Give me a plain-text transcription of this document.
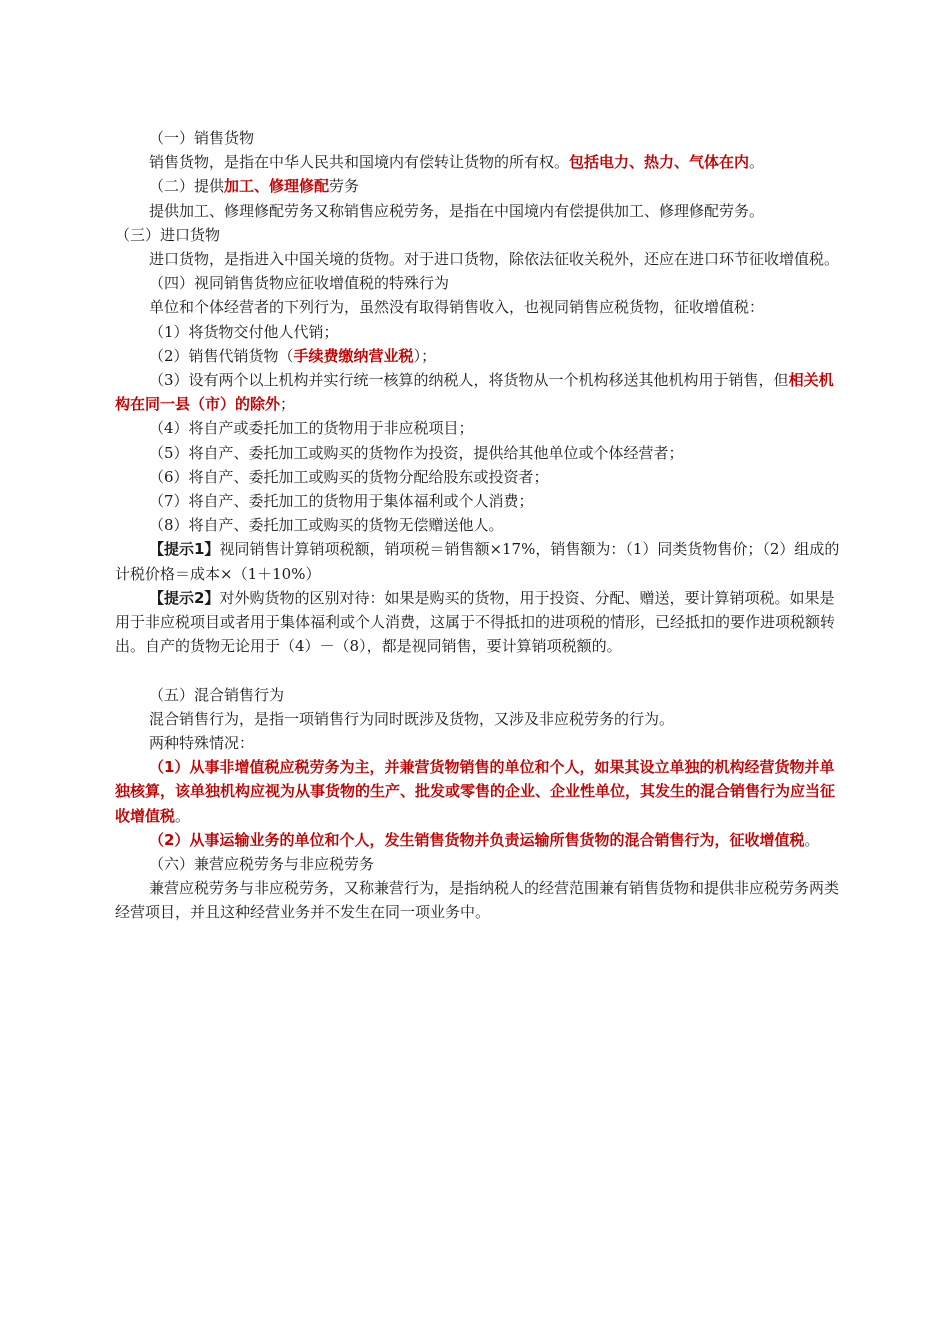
（一）销售货物

销售货物，是指在中华人民共和国境内有偿转让货物的所有权。包括电力、热力、气体在内。

（二）提供加工、修理修配劳务

提供加工、修理修配劳务又称销售应税劳务，是指在中国境内有偿提供加工、修理修配劳务。

（三）进口货物

进口货物，是指进入中国关境的货物。对于进口货物，除依法征收关税外，还应在进口环节征收增值税。

（四）视同销售货物应征收增值税的特殊行为

单位和个体经营者的下列行为，虽然没有取得销售收入，也视同销售应税货物，征收增值税：

（1）将货物交付他人代销；

（2）销售代销货物（手续费缴纳营业税）；

（3）设有两个以上机构并实行统一核算的纳税人，将货物从一个机构移送其他机构用于销售，但相关机构在同一县（市）的除外；

（4）将自产或委托加工的货物用于非应税项目；

（5）将自产、委托加工或购买的货物作为投资，提供给其他单位或个体经营者；

（6）将自产、委托加工或购买的货物分配给股东或投资者；

（7）将自产、委托加工的货物用于集体福利或个人消费；

（8）将自产、委托加工或购买的货物无偿赠送他人。

【提示1】视同销售计算销项税额，销项税＝销售额×17%，销售额为：（1）同类货物售价；（2）组成的计税价格＝成本×（1＋10%）

【提示2】对外购货物的区别对待：如果是购买的货物，用于投资、分配、赠送，要计算销项税。如果是用于非应税项目或者用于集体福利或个人消费，这属于不得抵扣的进项税的情形，已经抵扣的要作进项税额转出。自产的货物无论用于（4）－（8），都是视同销售，要计算销项税额的。

（五）混合销售行为

混合销售行为，是指一项销售行为同时既涉及货物，又涉及非应税劳务的行为。

两种特殊情况：

（1）从事非增值税应税劳务为主，并兼营货物销售的单位和个人，如果其设立单独的机构经营货物并单独核算，该单独机构应视为从事货物的生产、批发或零售的企业、企业性单位，其发生的混合销售行为应当征收增值税。

（2）从事运输业务的单位和个人，发生销售货物并负责运输所售货物的混合销售行为，征收增值税。

（六）兼营应税劳务与非应税劳务

兼营应税劳务与非应税劳务，又称兼营行为，是指纳税人的经营范围兼有销售货物和提供非应税劳务两类经营项目，并且这种经营业务并不发生在同一项业务中。
